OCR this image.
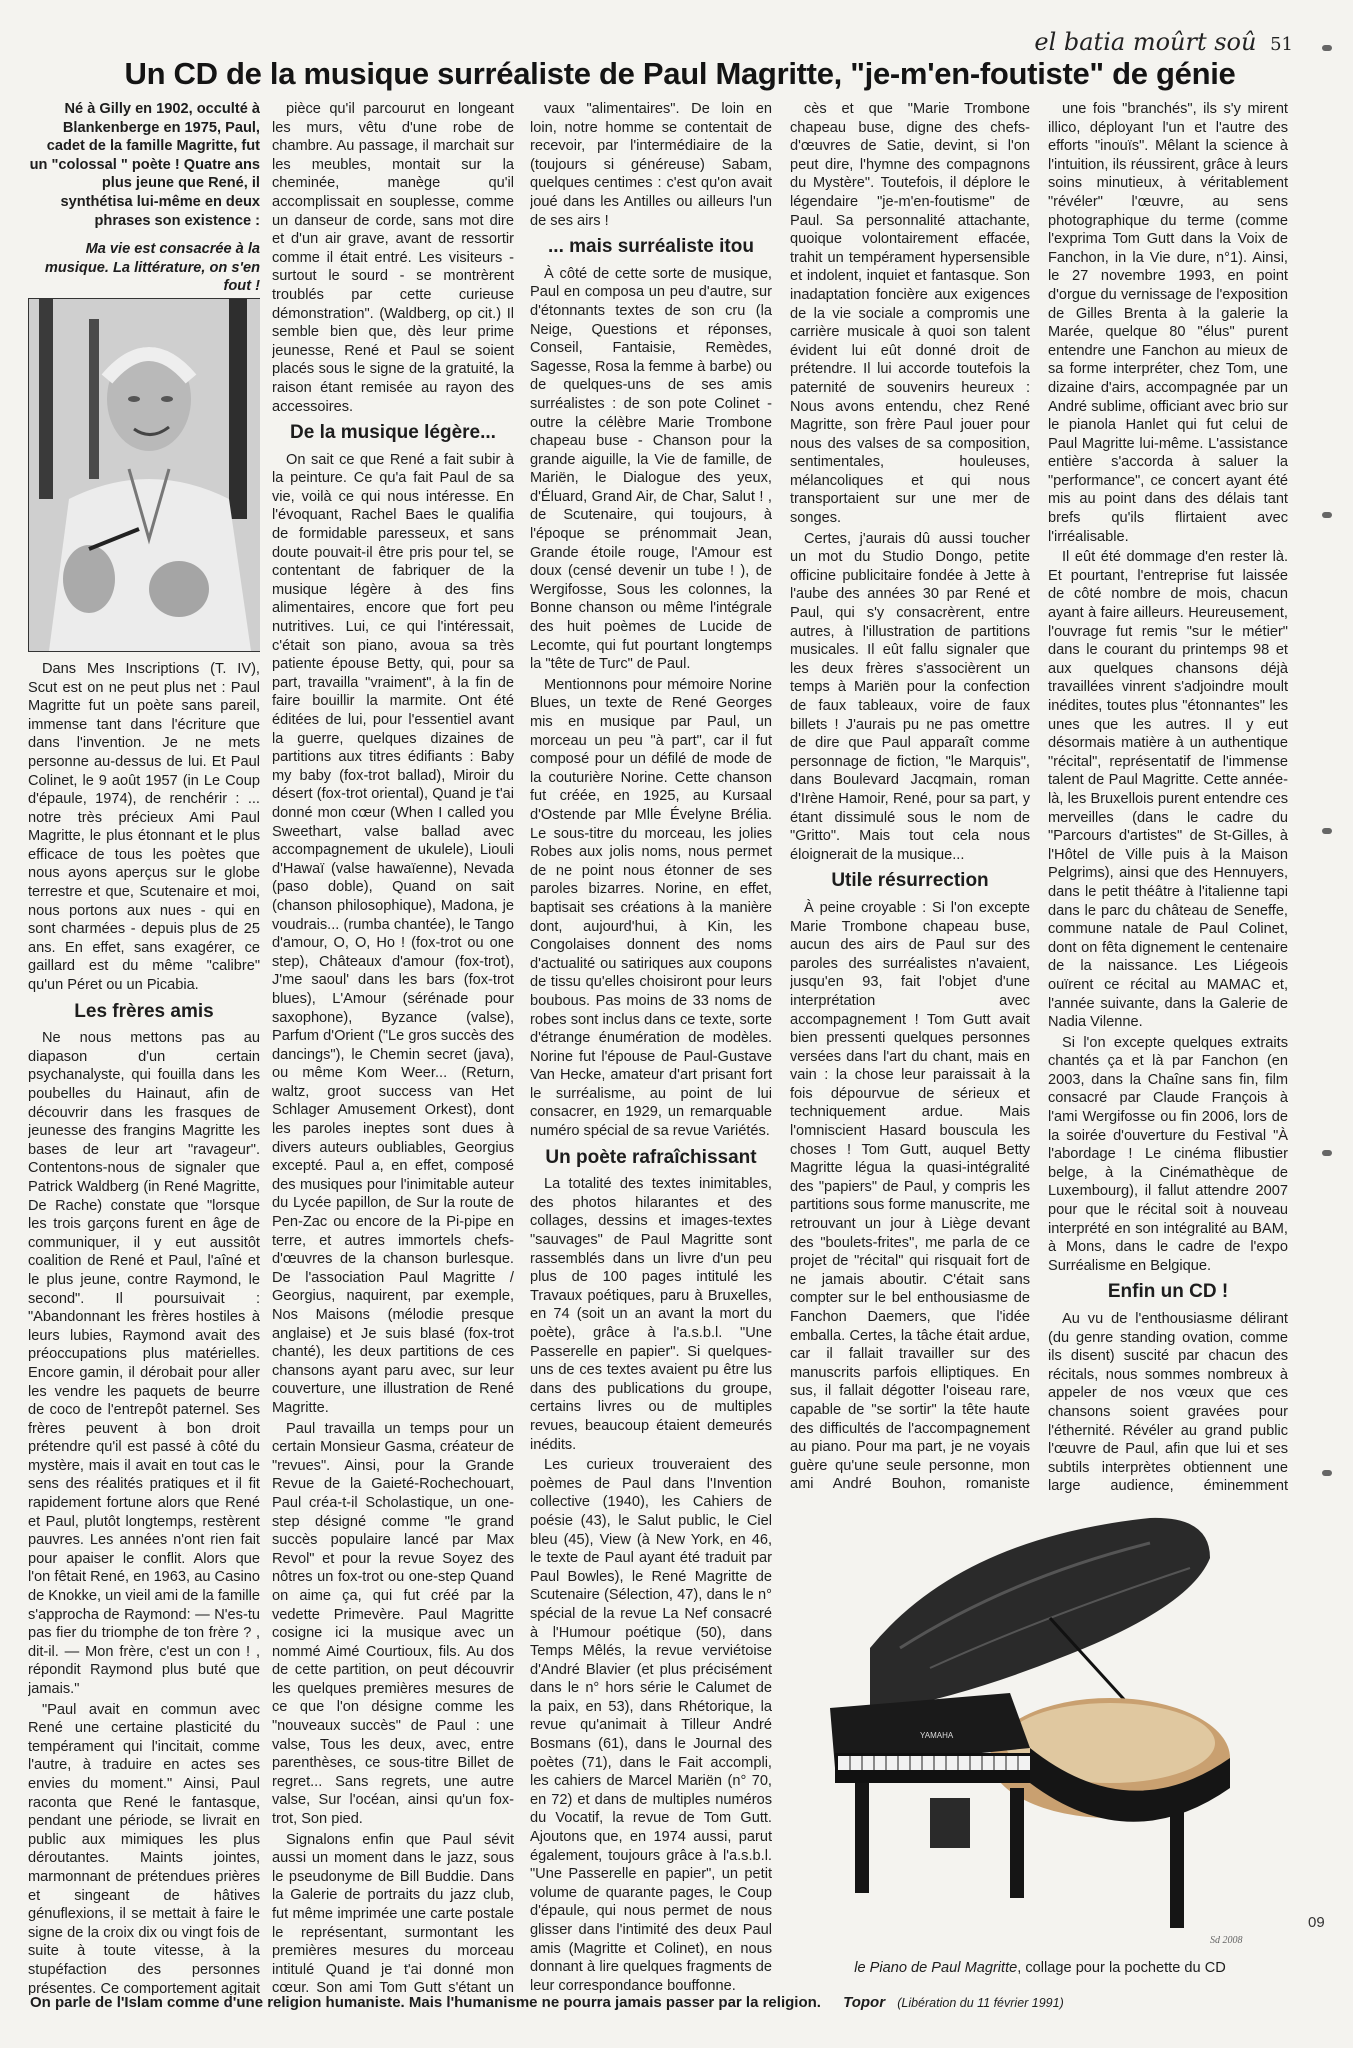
el batia moûrt soû 51
Un CD de la musique surréaliste de Paul Magritte, "je-m'en-foutiste" de génie

Né à Gilly en 1902, occulté à Blankenberge en 1975, Paul, cadet de la famille Magritte, fut un "colossal " poète ! Quatre ans plus jeune que René, il synthétisa lui-même en deux phrases son existence :

Ma vie est consacrée à la musique. La littérature, on s'en fout !

Dans Mes Inscriptions (T. IV), Scut est on ne peut plus net : Paul Magritte fut un poète sans pareil, immense tant dans l'écriture que dans l'invention. Je ne mets personne au-dessus de lui. Et Paul Colinet, le 9 août 1957 (in Le Coup d'épaule, 1974), de renchérir : ... notre très précieux Ami Paul Magritte, le plus étonnant et le plus efficace de tous les poètes que nous ayons aperçus sur le globe terrestre et que, Scutenaire et moi, nous portons aux nues - qui en sont charmées - depuis plus de 25 ans. En effet, sans exagérer, ce gaillard est du même "calibre" qu'un Péret ou un Picabia.

Les frères amis

Ne nous mettons pas au diapason d'un certain psychanalyste, qui fouilla dans les poubelles du Hainaut, afin de découvrir dans les frasques de jeunesse des frangins Magritte les bases de leur art "ravageur". Contentons-nous de signaler que Patrick Waldberg (in René Magritte, De Rache) constate que "lorsque les trois garçons furent en âge de communiquer, il y eut aussitôt coalition de René et Paul, l'aîné et le plus jeune, contre Raymond, le second". Il poursuivait : "Abandonnant les frères hostiles à leurs lubies, Raymond avait des préoccupations plus matérielles. Encore gamin, il dérobait pour aller les vendre les paquets de beurre de coco de l'entrepôt paternel. Ses frères peuvent à bon droit prétendre qu'il est passé à côté du mystère, mais il avait en tout cas le sens des réalités pratiques et il fit rapidement fortune alors que René et Paul, plutôt longtemps, restèrent pauvres. Les années n'ont rien fait pour apaiser le conflit. Alors que l'on fêtait René, en 1963, au Casino de Knokke, un vieil ami de la famille s'approcha de Raymond: — N'es-tu pas fier du triomphe de ton frère ? , dit-il. — Mon frère, c'est un con ! , répondit Raymond plus buté que jamais."

"Paul avait en commun avec René une certaine plasticité du tempérament qui l'incitait, comme l'autre, à traduire en actes ses envies du moment." Ainsi, Paul raconta que René le fantasque, pendant une période, se livrait en public aux mimiques les plus déroutantes. Maints jointes, marmonnant de prétendues prières et singeant de hâtives génuflexions, il se mettait à faire le signe de la croix dix ou vingt fois de suite à toute vitesse, à la stupéfaction des personnes présentes. Ce comportement agitait

pièce qu'il parcourut en longeant les murs, vêtu d'une robe de chambre. Au passage, il marchait sur les meubles, montait sur la cheminée, manège qu'il accomplissait en souplesse, comme un danseur de corde, sans mot dire et d'un air grave, avant de ressortir comme il était entré. Les visiteurs - surtout le sourd - se montrèrent troublés par cette curieuse démonstration". (Waldberg, op cit.) Il semble bien que, dès leur prime jeunesse, René et Paul se soient placés sous le signe de la gratuité, la raison étant remisée au rayon des accessoires.

De la musique légère...

On sait ce que René a fait subir à la peinture. Ce qu'a fait Paul de sa vie, voilà ce qui nous intéresse. En l'évoquant, Rachel Baes le qualifia de formidable paresseux, et sans doute pouvait-il être pris pour tel, se contentant de fabriquer de la musique légère à des fins alimentaires, encore que fort peu nutritives. Lui, ce qui l'intéressait, c'était son piano, avoua sa très patiente épouse Betty, qui, pour sa part, travailla "vraiment", à la fin de faire bouillir la marmite. Ont été éditées de lui, pour l'essentiel avant la guerre, quelques dizaines de partitions aux titres édifiants : Baby my baby (fox-trot ballad), Miroir du désert (fox-trot oriental), Quand je t'ai donné mon cœur (When I called you Sweethart, valse ballad avec accompagnement de ukulele), Liouli d'Hawaï (valse hawaïenne), Nevada (paso doble), Quand on sait (chanson philosophique), Madona, je voudrais... (rumba chantée), le Tango d'amour, O, O, Ho ! (fox-trot ou one step), Châteaux d'amour (fox-trot), J'me saoul' dans les bars (fox-trot blues), L'Amour (sérénade pour saxophone), Byzance (valse), Parfum d'Orient ("Le gros succès des dancings"), le Chemin secret (java), ou même Kom Weer... (Return, waltz, groot success van Het Schlager Amusement Orkest), dont les paroles ineptes sont dues à divers auteurs oubliables, Georgius excepté. Paul a, en effet, composé des musiques pour l'inimitable auteur du Lycée papillon, de Sur la route de Pen-Zac ou encore de la Pi-pipe en terre, et autres immortels chefs-d'œuvres de la chanson burlesque. De l'association Paul Magritte / Georgius, naquirent, par exemple, Nos Maisons (mélodie presque anglaise) et Je suis blasé (fox-trot chanté), les deux partitions de ces chansons ayant paru avec, sur leur couverture, une illustration de René Magritte.

Paul travailla un temps pour un certain Monsieur Gasma, créateur de "revues". Ainsi, pour la Grande Revue de la Gaieté-Rochechouart, Paul créa-t-il Scholastique, un one-step désigné comme "le grand succès populaire lancé par Max Revol" et pour la revue Soyez des nôtres un fox-trot ou one-step Quand on aime ça, qui fut créé par la vedette Primevère. Paul Magritte cosigne ici la musique avec un nommé Aimé Courtioux, fils. Au dos de cette partition, on peut découvrir les quelques premières mesures de ce que l'on désigne comme les "nouveaux succès" de Paul : une valse, Tous les deux, avec, entre parenthèses, ce sous-titre Billet de regret... Sans regrets, une autre valse, Sur l'océan, ainsi qu'un fox-trot, Son pied.

Signalons enfin que Paul sévit aussi un moment dans le jazz, sous le pseudonyme de Bill Buddie. Dans la Galerie de portraits du jazz club, fut même imprimée une carte postale le représentant, surmontant les premières mesures du morceau intitulé Quand je t'ai donné mon cœur. Son ami Tom Gutt s'étant un

vaux "alimentaires". De loin en loin, notre homme se contentait de recevoir, par l'intermédiaire de la (toujours si généreuse) Sabam, quelques centimes : c'est qu'on avait joué dans les Antilles ou ailleurs l'un de ses airs !

... mais surréaliste itou

À côté de cette sorte de musique, Paul en composa un peu d'autre, sur d'étonnants textes de son cru (la Neige, Questions et réponses, Conseil, Fantaisie, Remèdes, Sagesse, Rosa la femme à barbe) ou de quelques-uns de ses amis surréalistes : de son pote Colinet - outre la célèbre Marie Trombone chapeau buse - Chanson pour la grande aiguille, la Vie de famille, de Mariën, le Dialogue des yeux, d'Éluard, Grand Air, de Char, Salut ! , de Scutenaire, qui toujours, à l'époque se prénommait Jean, Grande étoile rouge, l'Amour est doux (censé devenir un tube ! ), de Wergifosse, Sous les colonnes, la Bonne chanson ou même l'intégrale des huit poèmes de Lucide de Lecomte, qui fut pourtant longtemps la "tête de Turc" de Paul.

Mentionnons pour mémoire Norine Blues, un texte de René Georges mis en musique par Paul, un morceau un peu "à part", car il fut composé pour un défilé de mode de la couturière Norine. Cette chanson fut créée, en 1925, au Kursaal d'Ostende par Mlle Évelyne Brélia. Le sous-titre du morceau, les jolies Robes aux jolis noms, nous permet de ne point nous étonner de ses paroles bizarres. Norine, en effet, baptisait ses créations à la manière dont, aujourd'hui, à Kin, les Congolaises donnent des noms d'actualité ou satiriques aux coupons de tissu qu'elles choisiront pour leurs boubous. Pas moins de 33 noms de robes sont inclus dans ce texte, sorte d'étrange énumération de modèles. Norine fut l'épouse de Paul-Gustave Van Hecke, amateur d'art prisant fort le surréalisme, au point de lui consacrer, en 1929, un remarquable numéro spécial de sa revue Variétés.

Un poète rafraîchissant

La totalité des textes inimitables, des photos hilarantes et des collages, dessins et images-textes "sauvages" de Paul Magritte sont rassemblés dans un livre d'un peu plus de 100 pages intitulé les Travaux poétiques, paru à Bruxelles, en 74 (soit un an avant la mort du poète), grâce à l'a.s.b.l. "Une Passerelle en papier". Si quelques-uns de ces textes avaient pu être lus dans des publications du groupe, certains livres ou de multiples revues, beaucoup étaient demeurés inédits.

Les curieux trouveraient des poèmes de Paul dans l'Invention collective (1940), les Cahiers de poésie (43), le Salut public, le Ciel bleu (45), View (à New York, en 46, le texte de Paul ayant été traduit par Paul Bowles), le René Magritte de Scutenaire (Sélection, 47), dans le n° spécial de la revue La Nef consacré à l'Humour poétique (50), dans Temps Mêlés, la revue verviétoise d'André Blavier (et plus précisément dans le n° hors série le Calumet de la paix, en 53), dans Rhétorique, la revue qu'animait à Tilleur André Bosmans (61), dans le Journal des poètes (71), dans le Fait accompli, les cahiers de Marcel Mariën (n° 70, en 72) et dans de multiples numéros du Vocatif, la revue de Tom Gutt. Ajoutons que, en 1974 aussi, parut également, toujours grâce à l'a.s.b.l. "Une Passerelle en papier", un petit volume de quarante pages, le Coup d'épaule, qui nous permet de nous glisser dans l'intimité des deux Paul amis (Magritte et Colinet), en nous donnant à lire quelques fragments de leur correspondance bouffonne.

cès et que "Marie Trombone chapeau buse, digne des chefs-d'œuvres de Satie, devint, si l'on peut dire, l'hymne des compagnons du Mystère". Toutefois, il déplore le légendaire "je-m'en-foutisme" de Paul. Sa personnalité attachante, quoique volontairement effacée, trahit un tempérament hypersensible et indolent, inquiet et fantasque. Son inadaptation foncière aux exigences de la vie sociale a compromis une carrière musicale à quoi son talent évident lui eût donné droit de prétendre. Il lui accorde toutefois la paternité de souvenirs heureux : Nous avons entendu, chez René Magritte, son frère Paul jouer pour nous des valses de sa composition, sentimentales, houleuses, mélancoliques et qui nous transportaient sur une mer de songes.

Certes, j'aurais dû aussi toucher un mot du Studio Dongo, petite officine publicitaire fondée à Jette à l'aube des années 30 par René et Paul, qui s'y consacrèrent, entre autres, à l'illustration de partitions musicales. Il eût fallu signaler que les deux frères s'associèrent un temps à Mariën pour la confection de faux tableaux, voire de faux billets ! J'aurais pu ne pas omettre de dire que Paul apparaît comme personnage de fiction, "le Marquis", dans Boulevard Jacqmain, roman d'Irène Hamoir, René, pour sa part, y étant dissimulé sous le nom de "Gritto". Mais tout cela nous éloignerait de la musique...

Utile résurrection

À peine croyable : Si l'on excepte Marie Trombone chapeau buse, aucun des airs de Paul sur des paroles des surréalistes n'avaient, jusqu'en 93, fait l'objet d'une interprétation avec accompagnement ! Tom Gutt avait bien pressenti quelques personnes versées dans l'art du chant, mais en vain : la chose leur paraissait à la fois dépourvue de sérieux et techniquement ardue. Mais l'omniscient Hasard bouscula les choses ! Tom Gutt, auquel Betty Magritte légua la quasi-intégralité des "papiers" de Paul, y compris les partitions sous forme manuscrite, me retrouvant un jour à Liège devant des "boulets-frites", me parla de ce projet de "récital" qui risquait fort de ne jamais aboutir. C'était sans compter sur le bel enthousiasme de Fanchon Daemers, que l'idée emballa. Certes, la tâche était ardue, car il fallait travailler sur des manuscrits parfois elliptiques. En sus, il fallait dégotter l'oiseau rare, capable de "se sortir" la tête haute des difficultés de l'accompagnement au piano. Pour ma part, je ne voyais guère qu'une seule personne, mon ami André Bouhon, romaniste

une fois "branchés", ils s'y mirent illico, déployant l'un et l'autre des efforts "inouïs". Mêlant la science à l'intuition, ils réussirent, grâce à leurs soins minutieux, à véritablement "révéler" l'œuvre, au sens photographique du terme (comme l'exprima Tom Gutt dans la Voix de Fanchon, in la Vie dure, n°1). Ainsi, le 27 novembre 1993, en point d'orgue du vernissage de l'exposition de Gilles Brenta à la galerie la Marée, quelque 80 "élus" purent entendre une Fanchon au mieux de sa forme interpréter, chez Tom, une dizaine d'airs, accompagnée par un André sublime, officiant avec brio sur le pianola Hanlet qui fut celui de Paul Magritte lui-même. L'assistance entière s'accorda à saluer la "performance", ce concert ayant été mis au point dans des délais tant brefs qu'ils flirtaient avec l'irréalisable.

Il eût été dommage d'en rester là. Et pourtant, l'entreprise fut laissée de côté nombre de mois, chacun ayant à faire ailleurs. Heureusement, l'ouvrage fut remis "sur le métier" dans le courant du printemps 98 et aux quelques chansons déjà travaillées vinrent s'adjoindre moult inédites, toutes plus "étonnantes" les unes que les autres. Il y eut désormais matière à un authentique "récital", représentatif de l'immense talent de Paul Magritte. Cette année-là, les Bruxellois purent entendre ces merveilles (dans le cadre du "Parcours d'artistes" de St-Gilles, à l'Hôtel de Ville puis à la Maison Pelgrims), ainsi que des Hennuyers, dans le petit théâtre à l'italienne tapi dans le parc du château de Seneffe, commune natale de Paul Colinet, dont on fêta dignement le centenaire de la naissance. Les Liégeois ouïrent ce récital au MAMAC et, l'année suivante, dans la Galerie de Nadia Vilenne.

Si l'on excepte quelques extraits chantés ça et là par Fanchon (en 2003, dans la Chaîne sans fin, film consacré par Claude François à l'ami Wergifosse ou fin 2006, lors de la soirée d'ouverture du Festival "À l'abordage ! Le cinéma flibustier belge, à la Cinémathèque de Luxembourg), il fallut attendre 2007 pour que le récital soit à nouveau interprété en son intégralité au BAM, à Mons, dans le cadre de l'expo Surréalisme en Belgique.

Enfin un CD !

Au vu de l'enthousiasme délirant (du genre standing ovation, comme ils disent) suscité par chacun des récitals, nous sommes nombreux à appeler de nos vœux que ces chansons soient gravées pour l'éthernité. Révéler au grand public l'œuvre de Paul, afin que lui et ses subtils interprètes obtiennent une large audience, éminemment

YAMAHA
Sd 2008
le Piano de Paul Magritte, collage pour la pochette du CD
09
On parle de l'Islam comme d'une religion humaniste. Mais l'humanisme ne pourra jamais passer par la religion. Topor (Libération du 11 février 1991)
